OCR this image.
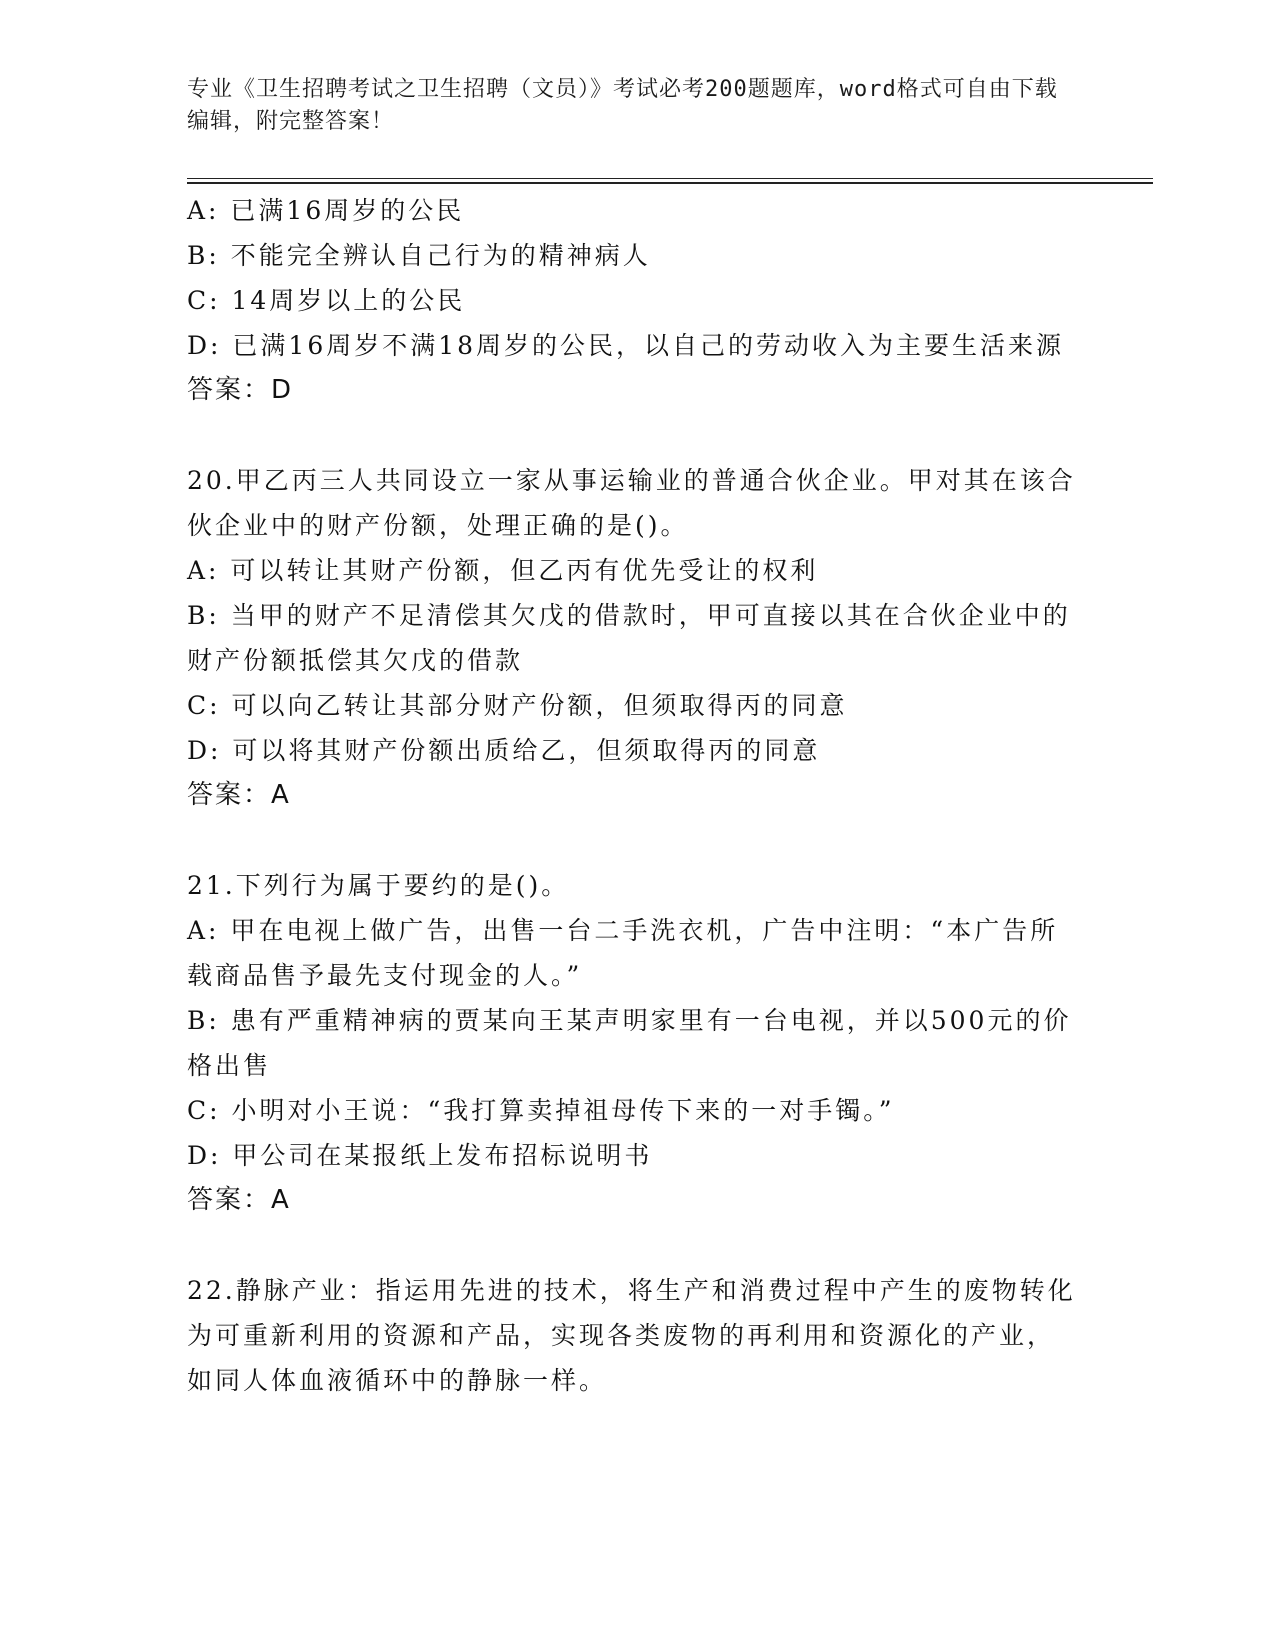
专业《卫生招聘考试之卫生招聘（文员）》考试必考200题题库，word格式可自由下载编辑，附完整答案！
A: 已满16周岁的公民
B: 不能完全辨认自己行为的精神病人
C: 14周岁以上的公民
D: 已满16周岁不满18周岁的公民，以自己的劳动收入为主要生活来源
答案：D
20.甲乙丙三人共同设立一家从事运输业的普通合伙企业。甲对其在该合伙企业中的财产份额，处理正确的是()。
A: 可以转让其财产份额，但乙丙有优先受让的权利
B: 当甲的财产不足清偿其欠戊的借款时，甲可直接以其在合伙企业中的财产份额抵偿其欠戊的借款
C: 可以向乙转让其部分财产份额，但须取得丙的同意
D: 可以将其财产份额出质给乙，但须取得丙的同意
答案：A
21.下列行为属于要约的是()。
A: 甲在电视上做广告，出售一台二手洗衣机，广告中注明：“本广告所载商品售予最先支付现金的人。”
B: 患有严重精神病的贾某向王某声明家里有一台电视，并以500元的价格出售
C: 小明对小王说：“我打算卖掉祖母传下来的一对手镯。”
D: 甲公司在某报纸上发布招标说明书
答案：A
22.静脉产业：指运用先进的技术，将生产和消费过程中产生的废物转化为可重新利用的资源和产品，实现各类废物的再利用和资源化的产业，如同人体血液循环中的静脉一样。
